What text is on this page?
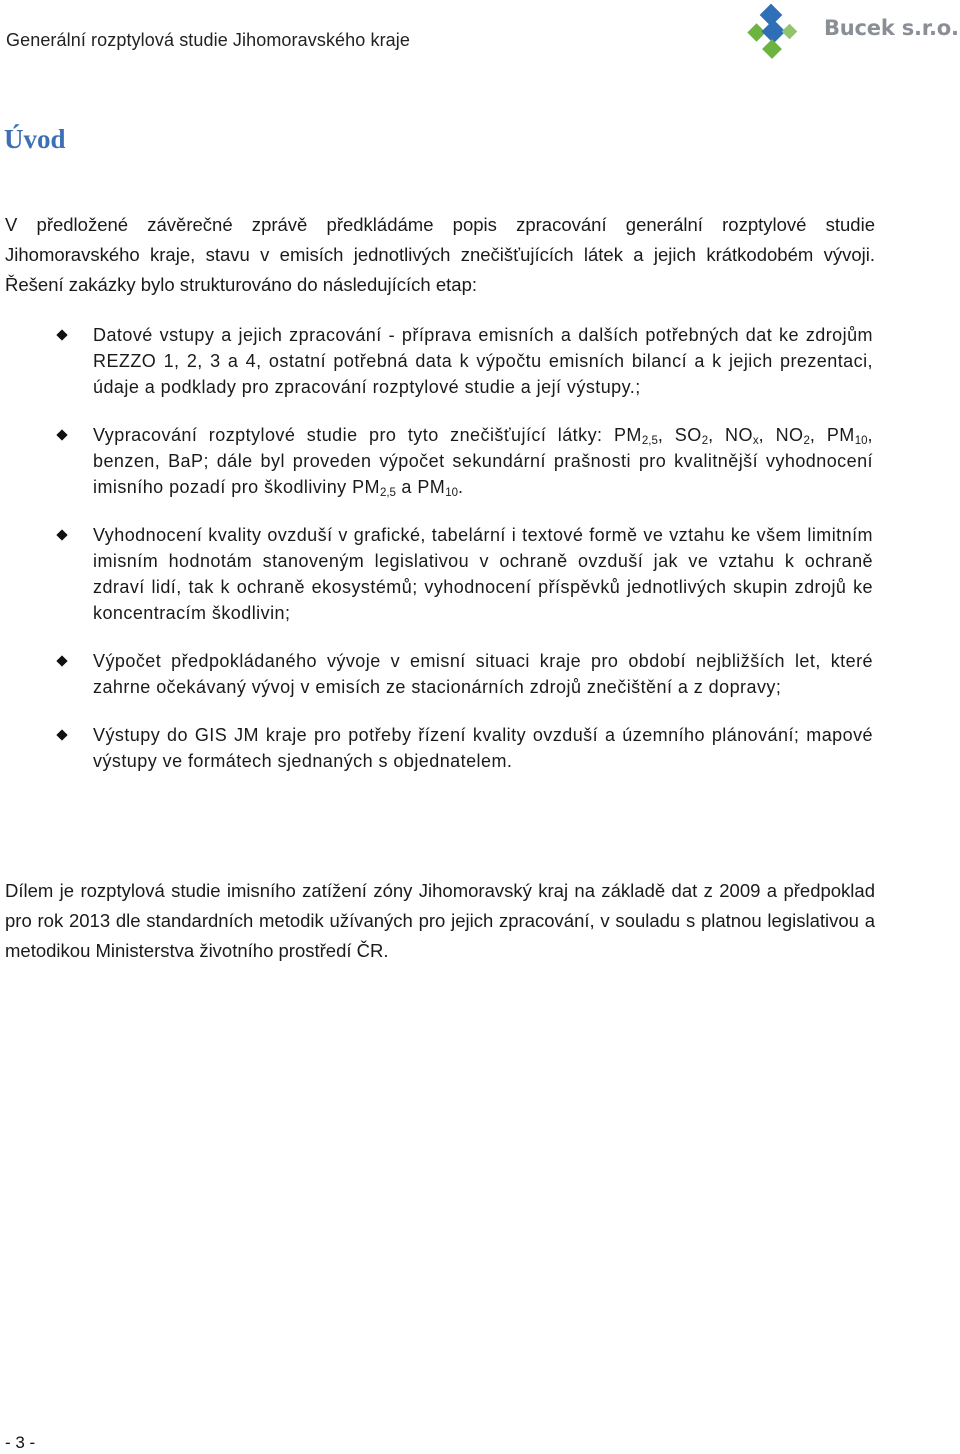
Generální rozptylová studie Jihomoravského kraje	Bucek s.r.o.
Úvod

V předložené závěrečné zprávě předkládáme popis zpracování generální rozptylové studie Jihomoravského kraje, stavu v emisích jednotlivých znečišťujících látek a jejich krátkodobém vývoji. Řešení zakázky bylo strukturováno do následujících etap:

Datové vstupy a jejich zpracování - příprava emisních a dalších potřebných dat ke zdrojům REZZO 1, 2, 3 a 4, ostatní potřebná data k výpočtu emisních bilancí a k jejich prezentaci, údaje a podklady pro zpracování rozptylové studie a její výstupy.;
Vypracování rozptylové studie pro tyto znečišťující látky: $PM_{2,5}$, $SO_2$, $NO_x$, $NO_2$, $PM_{10}$, benzen, BaP; dále byl proveden výpočet sekundární prašnosti pro kvalitnější vyhodnocení imisního pozadí pro škodliviny $PM_{2,5}$ a $PM_{10}$.
Vyhodnocení kvality ovzduší v grafické, tabelární i textové formě ve vztahu ke všem limitním imisním hodnotám stanoveným legislativou v ochraně ovzduší jak ve vztahu k ochraně zdraví lidí, tak k ochraně ekosystémů; vyhodnocení příspěvků jednotlivých skupin zdrojů ke koncentracím škodlivin;
Výpočet předpokládaného vývoje v emisní situaci kraje pro období nejbližších let, které zahrne očekávaný vývoj v emisích ze stacionárních zdrojů znečištění a z dopravy;
Výstupy do GIS JM kraje pro potřeby řízení kvality ovzduší a územního plánování; mapové výstupy ve formátech sjednaných s objednatelem.

Dílem je rozptylová studie imisního zatížení zóny Jihomoravský kraj na základě dat z 2009 a předpoklad pro rok 2013 dle standardních metodik užívaných pro jejich zpracování, v souladu s platnou legislativou a metodikou Ministerstva životního prostředí ČR.

- 3 -
